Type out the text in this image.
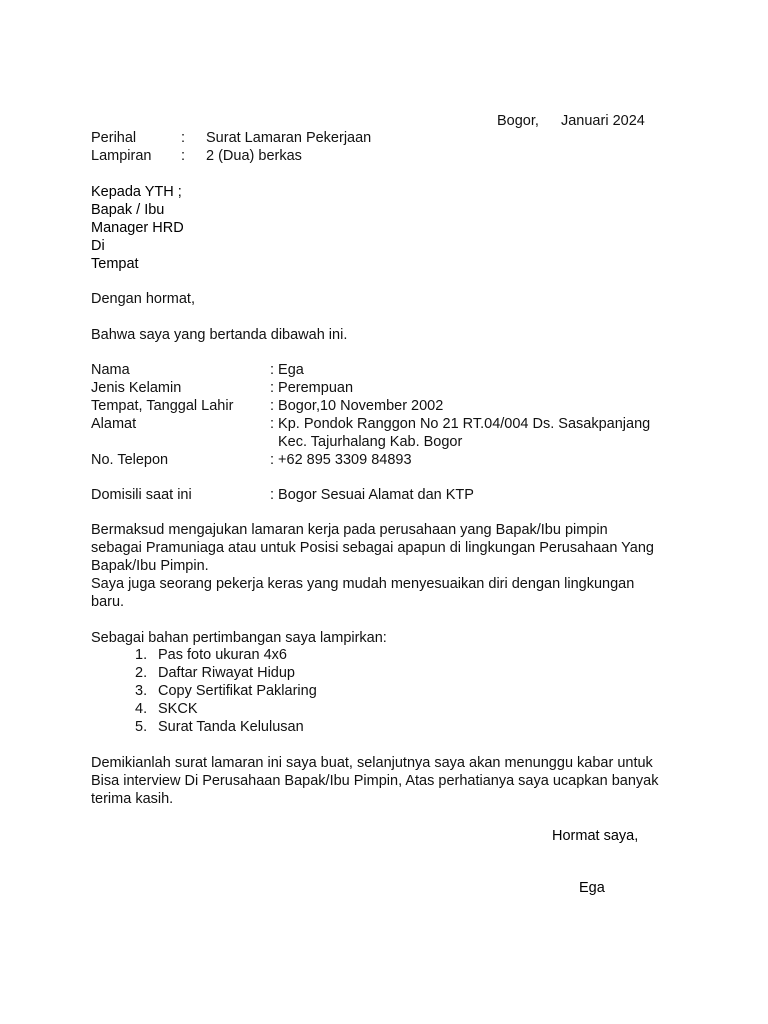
Bogor, Januari 2024
Perihal	: Surat Lamaran Pekerjaan
Lampiran : 2 (Dua) berkas
Kepada YTH ;
Bapak / Ibu
Manager HRD
Di
Tempat
Dengan hormat,
Bahwa saya yang bertanda dibawah ini.
Nama	: Ega
Jenis Kelamin	: Perempuan
Tempat, Tanggal Lahir	: Bogor,10 November 2002
Alamat	: Kp. Pondok Ranggon No 21 RT.04/004 Ds. Sasakpanjang
Kec. Tajurhalang Kab. Bogor
No. Telepon	: +62 895 3309 84893
Domisili saat ini	: Bogor Sesuai Alamat dan KTP
Bermaksud mengajukan lamaran kerja pada perusahaan yang Bapak/Ibu pimpin
sebagai Pramuniaga atau untuk Posisi sebagai apapun di lingkungan Perusahaan Yang
Bapak/Ibu Pimpin.
Saya juga seorang pekerja keras yang mudah menyesuaikan diri dengan lingkungan
baru.
Sebagai bahan pertimbangan saya lampirkan:
1. Pas foto ukuran 4x6
2. Daftar Riwayat Hidup
3. Copy Sertifikat Paklaring
4. SKCK
5. Surat Tanda Kelulusan
Demikianlah surat lamaran ini saya buat, selanjutnya saya akan menunggu kabar untuk
Bisa interview Di Perusahaan Bapak/Ibu Pimpin, Atas perhatianya saya ucapkan banyak
terima kasih.
Hormat saya,
Ega
